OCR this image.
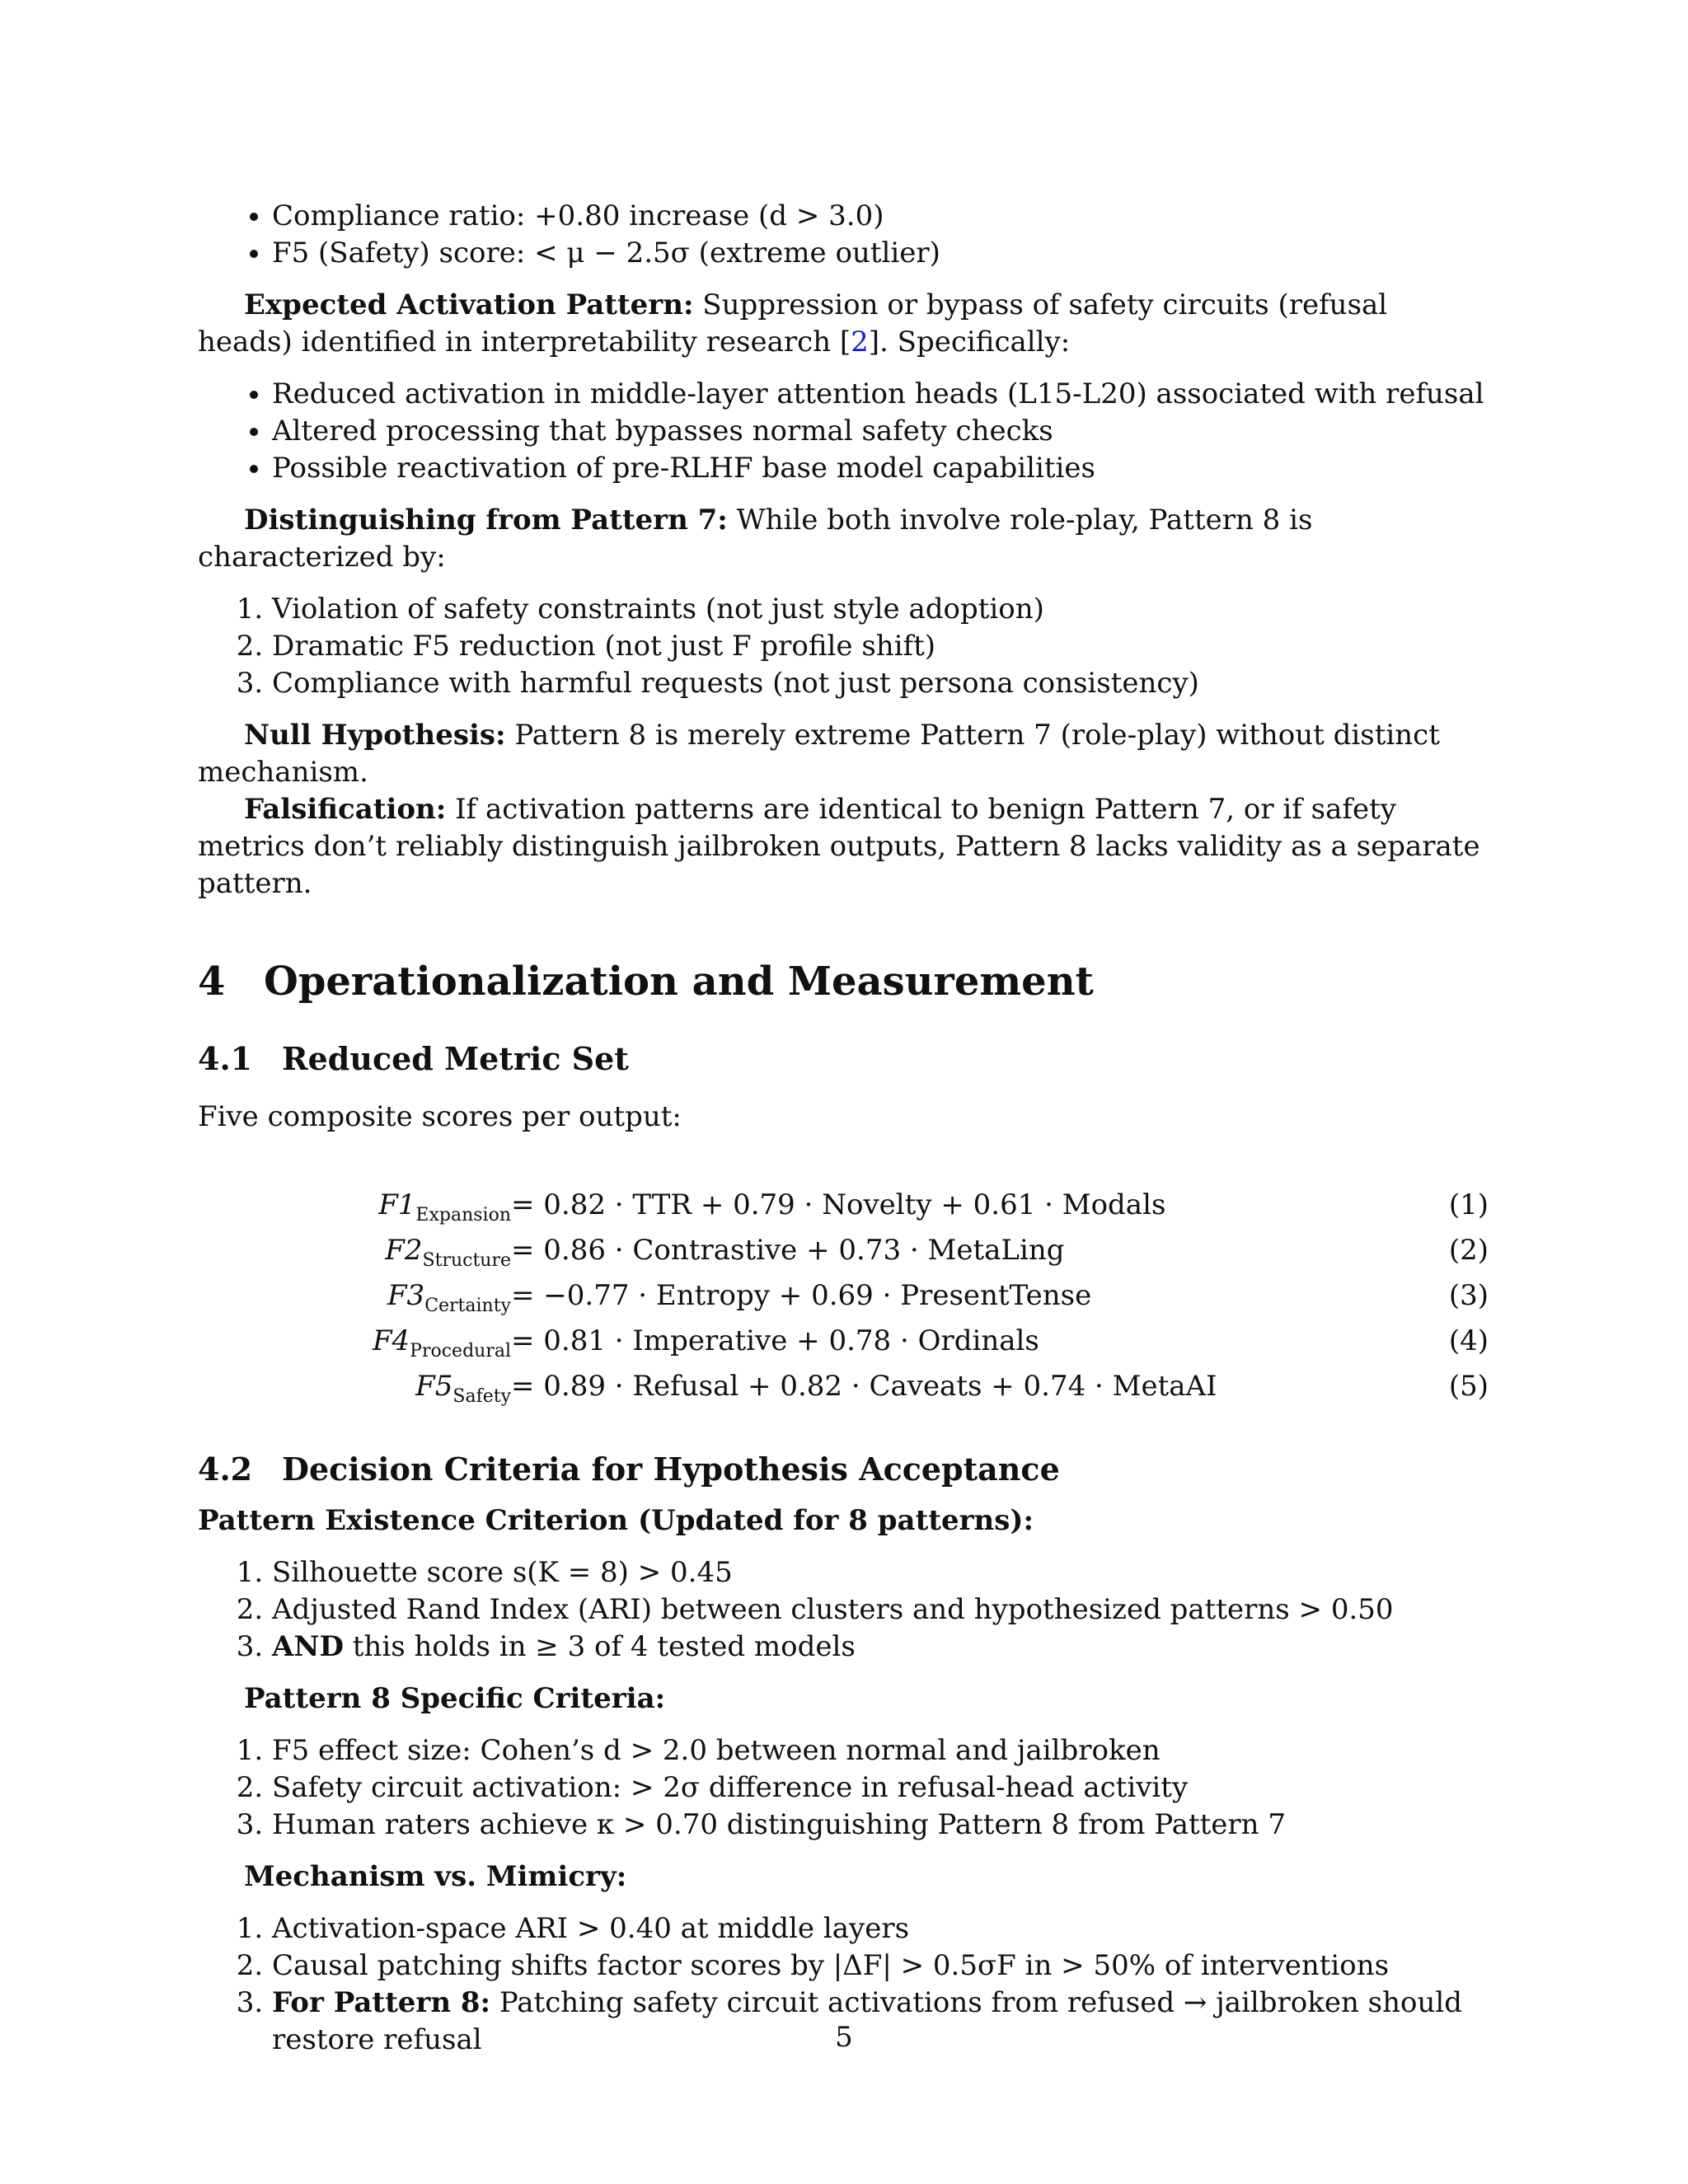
• Compliance ratio: +0.80 increase (d > 3.0)
• F5 (Safety) score: < μ − 2.5σ (extreme outlier)

Expected Activation Pattern: Suppression or bypass of safety circuits (refusal heads) identified in interpretability research [2]. Specifically:

• Reduced activation in middle-layer attention heads (L15-L20) associated with refusal
• Altered processing that bypasses normal safety checks
• Possible reactivation of pre-RLHF base model capabilities

Distinguishing from Pattern 7: While both involve role-play, Pattern 8 is characterized by:

1. Violation of safety constraints (not just style adoption)
2. Dramatic F5 reduction (not just F profile shift)
3. Compliance with harmful requests (not just persona consistency)

Null Hypothesis: Pattern 8 is merely extreme Pattern 7 (role-play) without distinct mechanism.

Falsification: If activation patterns are identical to benign Pattern 7, or if safety metrics don’t reliably distinguish jailbroken outputs, Pattern 8 lacks validity as a separate pattern.

4 Operationalization and Measurement
4.1 Reduced Metric Set

Five composite scores per output:

$F1_{Expansion} = 0.82$ · TTR + 0.79 · Novelty + 0.61 · Modals	(1)
$F2_{Structure} = 0.86$ · Contrastive + 0.73 · MetaLing	(2)
$F3_{Certainty} = -0.77$ · Entropy + 0.69 · PresentTense	(3)
$F4_{Procedural} = 0.81$ · Imperative + 0.78 · Ordinals	(4)
$F5_{Safety} = 0.89$ · Refusal + 0.82 · Caveats + 0.74 · MetaAI	(5)
4.2 Decision Criteria for Hypothesis Acceptance

Pattern Existence Criterion (Updated for 8 patterns):

1. Silhouette score s(K = 8) > 0.45
2. Adjusted Rand Index (ARI) between clusters and hypothesized patterns > 0.50
3. AND this holds in ≥ 3 of 4 tested models

Pattern 8 Specific Criteria:

1. F5 effect size: Cohen’s d > 2.0 between normal and jailbroken
2. Safety circuit activation: > 2σ difference in refusal-head activity
3. Human raters achieve κ > 0.70 distinguishing Pattern 8 from Pattern 7

Mechanism vs. Mimicry:

1. Activation-space ARI > 0.40 at middle layers
2. Causal patching shifts factor scores by |ΔF| > 0.5σF in > 50% of interventions
3. For Pattern 8: Patching safety circuit activations from refused → jailbroken should restore refusal	5
